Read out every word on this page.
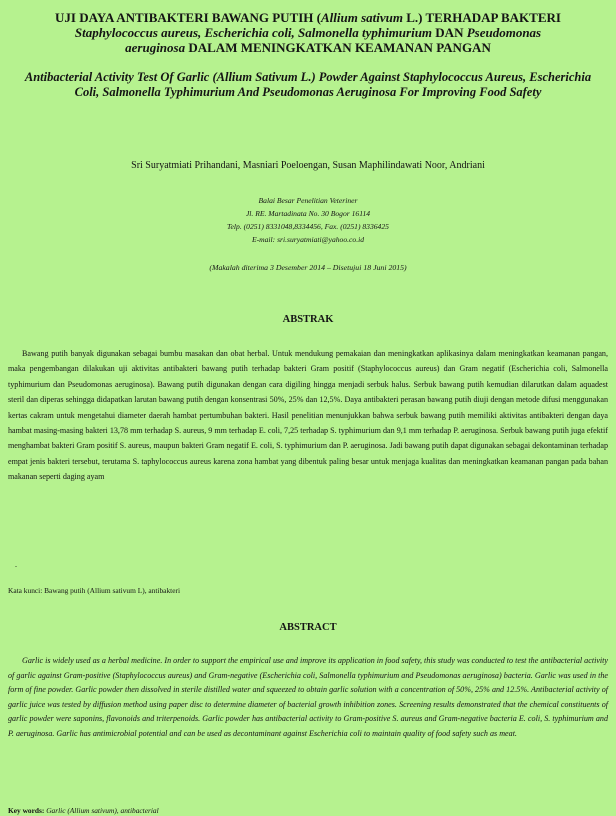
UJI DAYA ANTIBAKTERI BAWANG PUTIH (Allium sativum L.) TERHADAP BAKTERI
Staphylococcus aureus, Escherichia coli, Salmonella typhimurium DAN Pseudomonas
aeruginosa DALAM MENINGKATKAN KEAMANAN PANGAN
Antibacterial Activity Test Of Garlic (Allium Sativum L.) Powder Against Staphylococcus Aureus, Escherichia Coli, Salmonella Typhimurium And Pseudomonas Aeruginosa For Improving Food Safety
Sri Suryatmiati Prihandani, Masniari Poeloengan, Susan Maphilindawati Noor, Andriani
Balai Besar Penelitian Veteriner
Jl. RE. Martadinata No. 30 Bogor 16114
Telp. (0251) 8331048,8334456, Fax. (0251) 8336425
E-mail: sri.suryatmiati@yahoo.co.id
(Makalah diterima 3 Desember 2014 – Disetujui 18 Juni 2015)
ABSTRAK
Bawang putih banyak digunakan sebagai bumbu masakan dan obat herbal. Untuk mendukung pemakaian dan meningkatkan aplikasinya dalam meningkatkan keamanan pangan, maka pengembangan dilakukan uji aktivitas antibakteri bawang putih terhadap bakteri Gram positif (Staphylococcus aureus) dan Gram negatif (Escherichia coli, Salmonella typhimurium dan Pseudomonas aeruginosa). Bawang putih digunakan dengan cara digiling hingga menjadi serbuk halus. Serbuk bawang putih kemudian dilarutkan dalam aquadest steril dan diperas sehingga didapatkan larutan bawang putih dengan konsentrasi 50%, 25% dan 12,5%. Daya antibakteri perasan bawang putih diuji dengan metode difusi menggunakan kertas cakram untuk mengetahui diameter daerah hambat pertumbuhan bakteri. Hasil penelitian menunjukkan bahwa serbuk bawang putih memiliki aktivitas antibakteri dengan daya hambat masing-masing bakteri 13,78 mm terhadap S. aureus, 9 mm terhadap E. coli, 7,25 terhadap S. typhimurium dan 9,1 mm terhadap P. aeruginosa. Serbuk bawang putih juga efektif menghambat bakteri Gram positif S. aureus, maupun bakteri Gram negatif E. coli, S. typhimurium dan P. aeruginosa. Jadi bawang putih dapat digunakan sebagai dekontaminan terhadap empat jenis bakteri tersebut, terutama S. taphylococcus aureus karena zona hambat yang dibentuk paling besar untuk menjaga kualitas dan meningkatkan keamanan pangan pada bahan makanan seperti daging ayam
.
Kata kunci: Bawang putih (Allium sativum L), antibakteri
ABSTRACT
Garlic is widely used as a herbal medicine. In order to support the empirical use and improve its application in food safety, this study was conducted to test the antibacterial activity of garlic against Gram-positive (Staphylococcus aureus) and Gram-negative (Escherichia coli, Salmonella typhimurium and Pseudomonas aeruginosa) bacteria. Garlic was used in the form of fine powder. Garlic powder then dissolved in sterile distilled water and squeezed to obtain garlic solution with a concentration of 50%, 25% and 12.5%. Antibacterial activity of garlic juice was tested by diffusion method using paper disc to determine diameter of bacterial growth inhibition zones. Screening results demonstrated that the chemical constituents of garlic powder were saponins, flavonoids and triterpenoids. Garlic powder has antibacterial activity to Gram-positive S. aureus and Gram-negative bacteria E. coli, S. typhimurium and P. aeruginosa. Garlic has antimicrobial potential and can be used as decontaminant against Escherichia coli to maintain quality of food safety such as meat.
Key words: Garlic (Allium sativum), antibacterial
